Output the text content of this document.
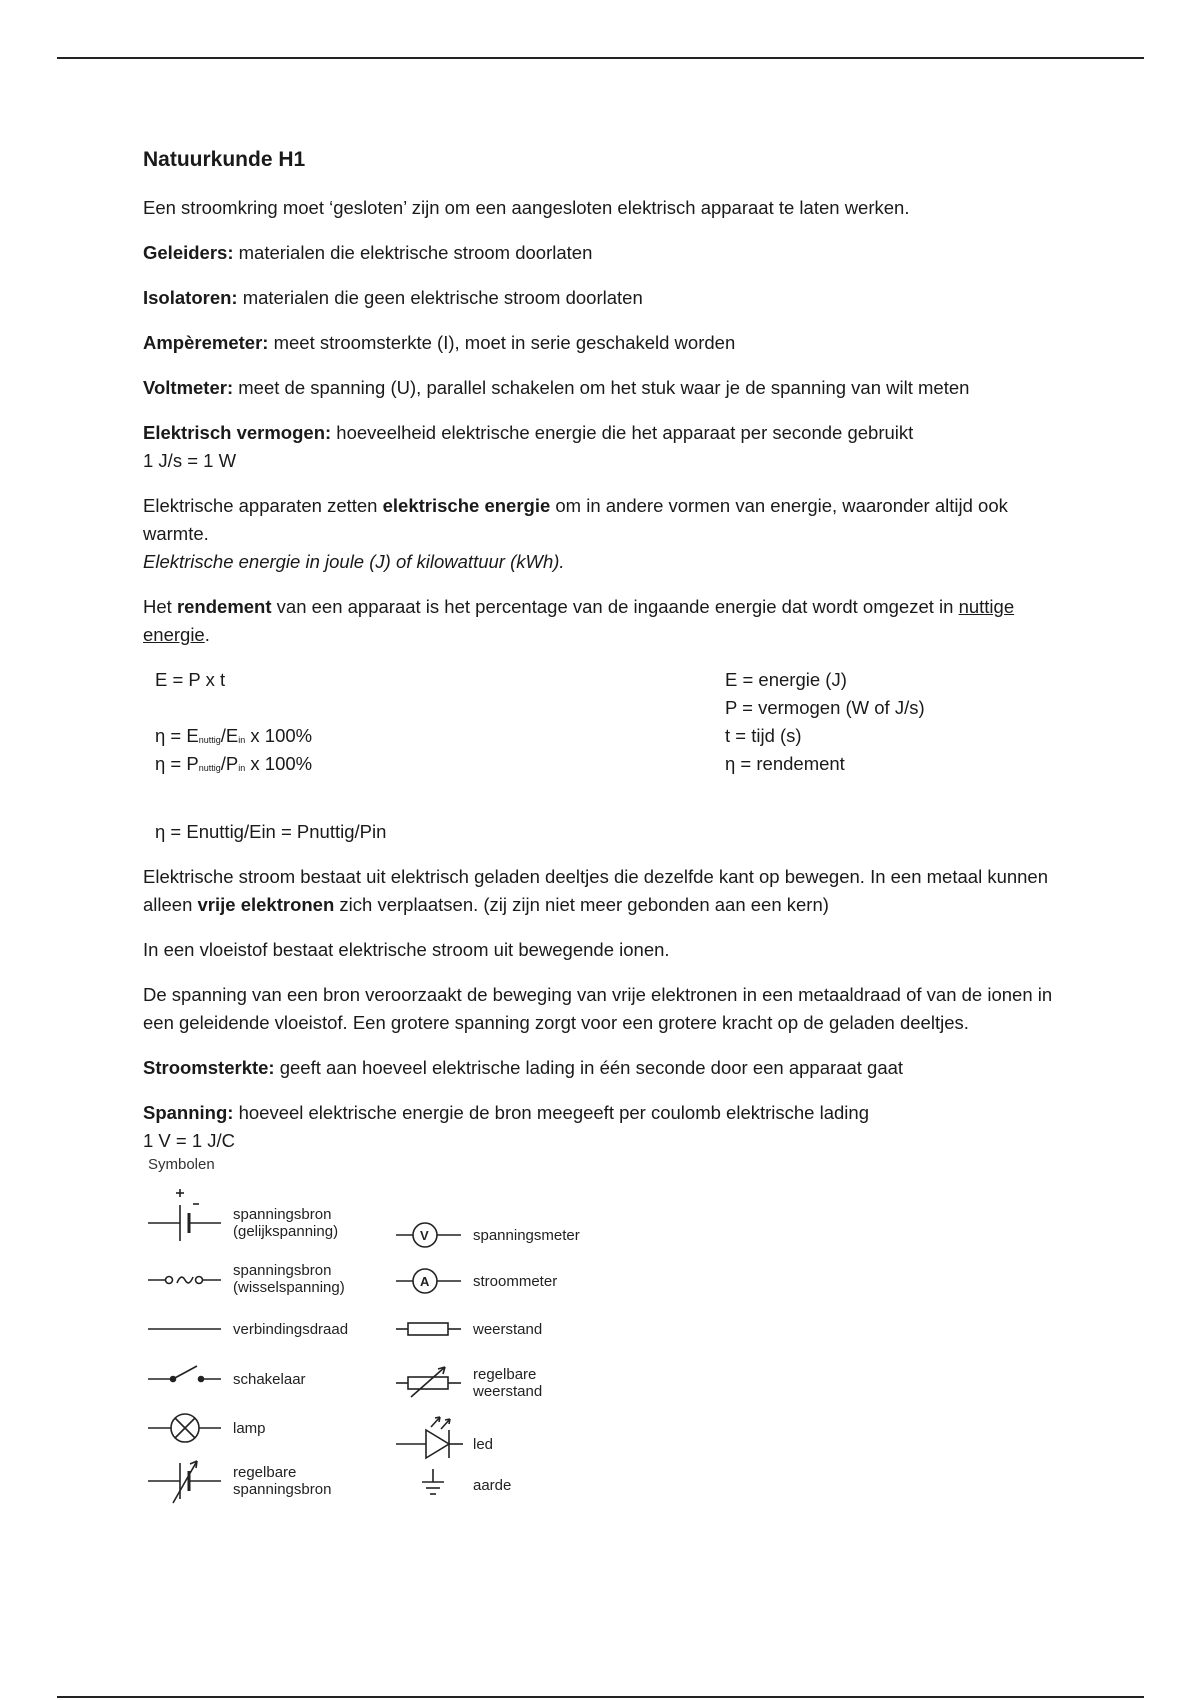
Natuurkunde H1

Een stroomkring moet ‘gesloten’ zijn om een aangesloten elektrisch apparaat te laten werken.

Geleiders: materialen die elektrische stroom doorlaten

Isolatoren: materialen die geen elektrische stroom doorlaten

Ampèremeter: meet stroomsterkte (I), moet in serie geschakeld worden

Voltmeter: meet de spanning (U), parallel schakelen om het stuk waar je de spanning van wilt meten

Elektrisch vermogen: hoeveelheid elektrische energie die het apparaat per seconde gebruikt
1 J/s = 1 W

Elektrische apparaten zetten elektrische energie om in andere vormen van energie, waaronder altijd ook warmte.
Elektrische energie in joule (J) of kilowattuur (kWh).

Het rendement van een apparaat is het percentage van de ingaande energie dat wordt omgezet in nuttige energie.

E = P x t
η = Enuttig/Ein x 100%
η = Pnuttig/Pin x 100%
E = energie (J)
P = vermogen (W of J/s)
t = tijd (s)
η = rendement

η = Enuttig/Ein = Pnuttig/Pin

Elektrische stroom bestaat uit elektrisch geladen deeltjes die dezelfde kant op bewegen. In een metaal kunnen alleen vrije elektronen zich verplaatsen. (zij zijn niet meer gebonden aan een kern)

In een vloeistof bestaat elektrische stroom uit bewegende ionen.

De spanning van een bron veroorzaakt de beweging van vrije elektronen in een metaaldraad of van de ionen in een geleidende vloeistof. Een grotere spanning zorgt voor een grotere kracht op de geladen deeltjes.

Stroomsterkte: geeft aan hoeveel elektrische lading in één seconde door een apparaat gaat

Spanning: hoeveel elektrische energie de bron meegeeft per coulomb elektrische lading
1 V = 1 J/C

Symbolen
spanningsbron
(gelijkspanning)
spanningsbron
(wisselspanning)
verbindingsdraad
schakelaar
lamp
regelbare
spanningsbron
V	spanningsmeter
A	stroommeter
weerstand
regelbare
weerstand
led
aarde
